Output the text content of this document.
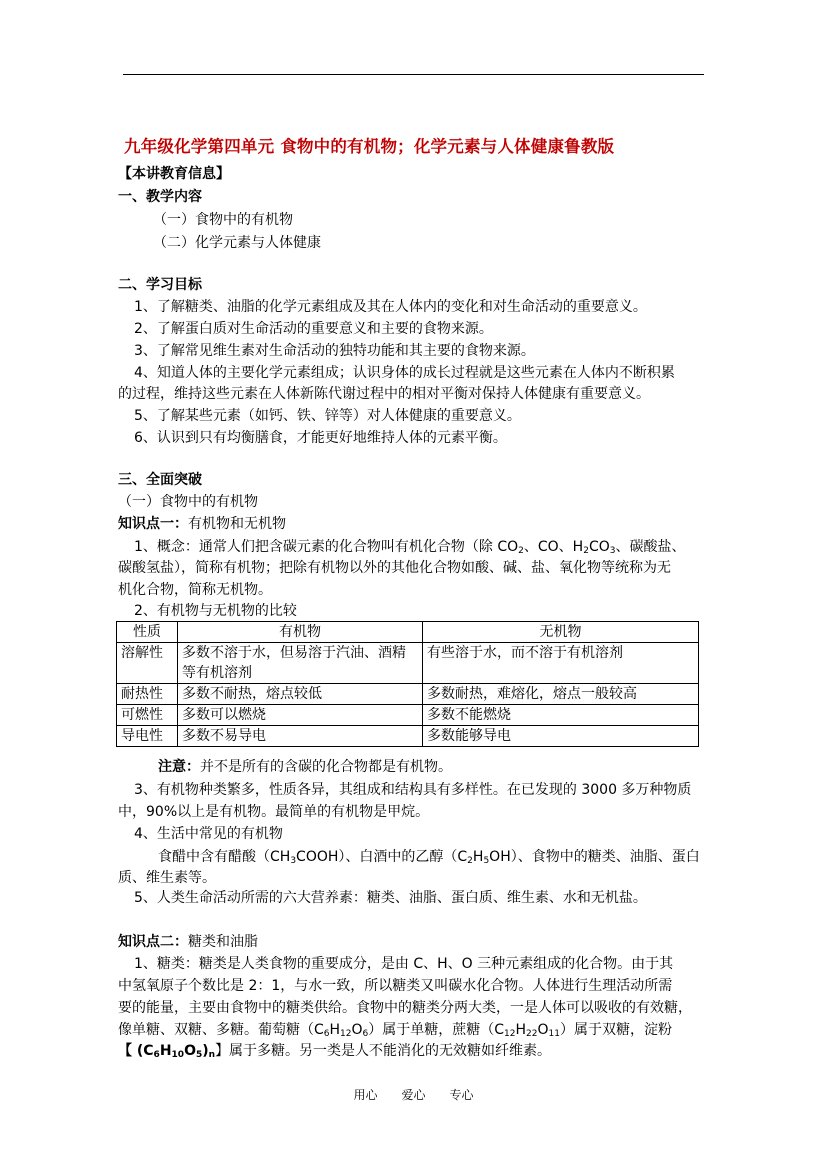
九年级化学第四单元 食物中的有机物；化学元素与人体健康鲁教版
【本讲教育信息】
一、教学内容
（一）食物中的有机物
（二）化学元素与人体健康
二、学习目标
1、了解糖类、油脂的化学元素组成及其在人体内的变化和对生命活动的重要意义。
2、了解蛋白质对生命活动的重要意义和主要的食物来源。
3、了解常见维生素对生命活动的独特功能和其主要的食物来源。
4、知道人体的主要化学元素组成；认识身体的成长过程就是这些元素在人体内不断积累
的过程，维持这些元素在人体新陈代谢过程中的相对平衡对保持人体健康有重要意义。
5、了解某些元素（如钙、铁、锌等）对人体健康的重要意义。
6、认识到只有均衡膳食，才能更好地维持人体的元素平衡。
三、全面突破
（一）食物中的有机物
知识点一：有机物和无机物
1、概念：通常人们把含碳元素的化合物叫有机化合物（除 $CO_2$、CO、$H_2CO_3$、碳酸盐、
碳酸氢盐），简称有机物；把除有机物以外的其他化合物如酸、碱、盐、氧化物等统称为无
机化合物，简称无机物。
2、有机物与无机物的比较
性质	有机物	无机物
溶解性	多数不溶于水，但易溶于汽油、酒精等有机溶剂	有些溶于水，而不溶于有机溶剂
耐热性	多数不耐热，熔点较低	多数耐热，难熔化，熔点一般较高
可燃性	多数可以燃烧	多数不能燃烧
导电性	多数不易导电	多数能够导电
注意：并不是所有的含碳的化合物都是有机物。
3、有机物种类繁多，性质各异，其组成和结构具有多样性。在已发现的 3000 多万种物质
中，90%以上是有机物。最简单的有机物是甲烷。
4、生活中常见的有机物
食醋中含有醋酸$(CH_3COOH)$、白酒中的乙醇$(C_2H_5OH)$、食物中的糖类、油脂、蛋白
质、维生素等。
5、人类生命活动所需的六大营养素：糖类、油脂、蛋白质、维生素、水和无机盐。
知识点二：糖类和油脂
1、糖类：糖类是人类食物的重要成分，是由 C、H、O 三种元素组成的化合物。由于其
中氢氧原子个数比是 2：1，与水一致，所以糖类又叫碳水化合物。人体进行生理活动所需
要的能量，主要由食物中的糖类供给。食物中的糖类分两大类，一是人体可以吸收的有效糖，
像单糖、双糖、多糖。葡萄糖$(C_6H_{12}O_6)$属于单糖，蔗糖$(C_{12}H_{22}O_{11})$属于双糖，淀粉
【 $(C_6H_{10}O_5)_n$】属于多糖。另一类是人不能消化的无效糖如纤维素。
用心　　爱心　　专心
